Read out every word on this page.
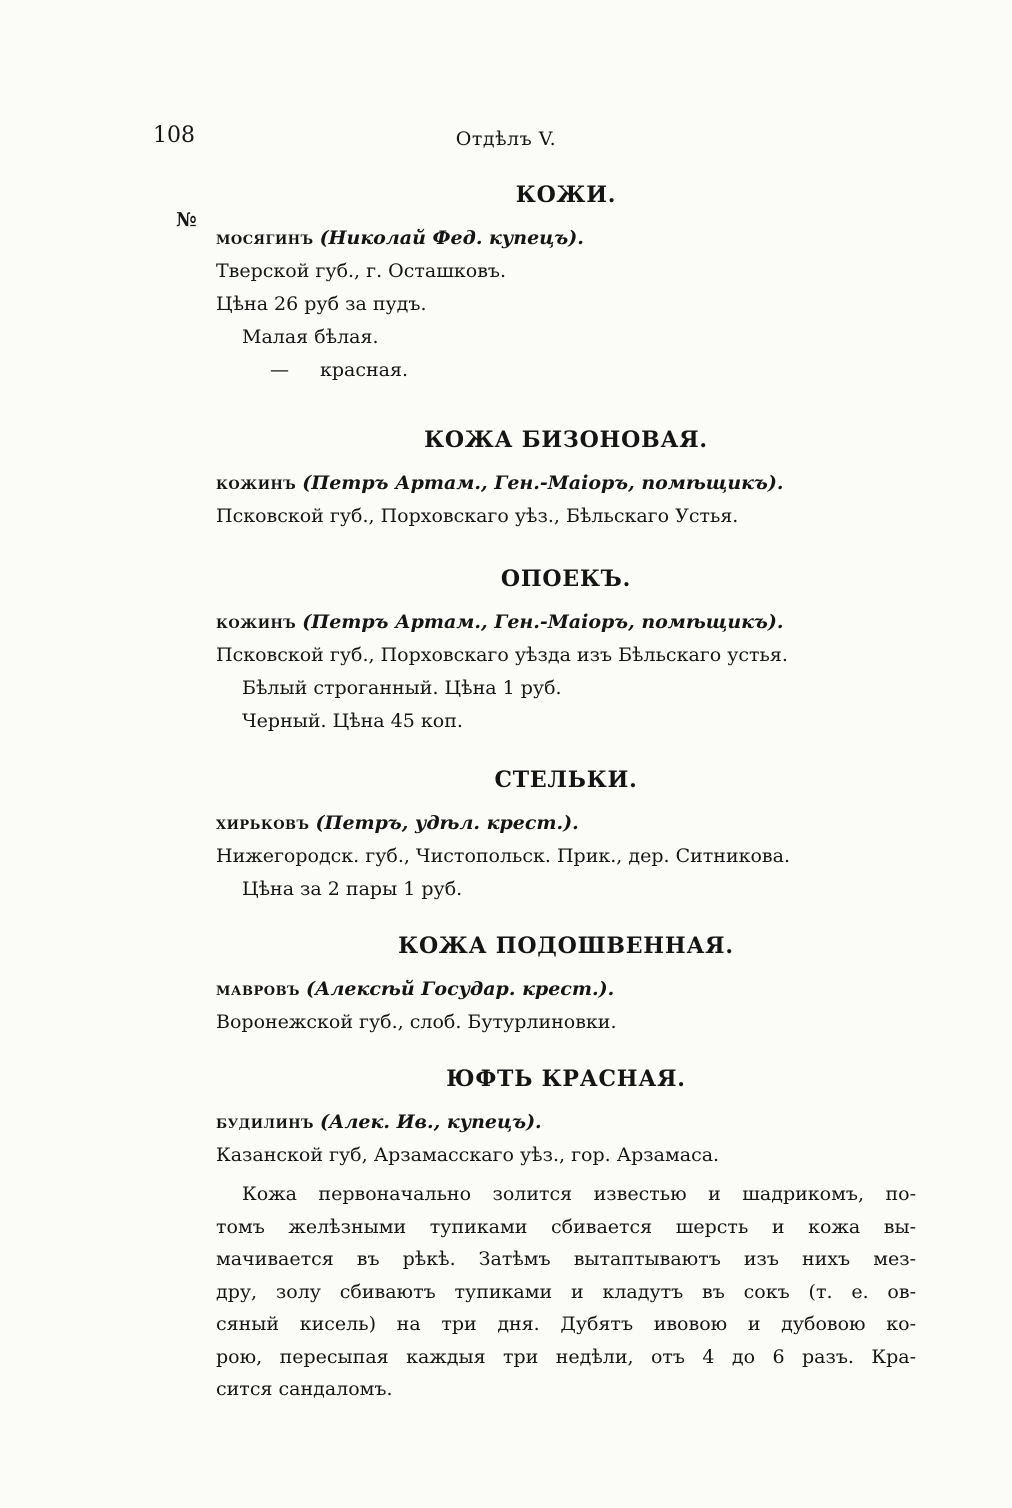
108	Отдѣлъ V.
№
КОЖИ.
мосягинъ (Николай Фед. купецъ).
Тверской губ., г. Осташковъ.
Цѣна 26 руб за пудъ.
Малая бѣлая.
— красная.
КОЖА БИЗОНОВАЯ.
кожинъ (Петръ Артам., Ген.-Маiоръ, помѣщикъ).
Псковской губ., Порховскаго уѣз., Бѣльскаго Устья.
ОПОЕКЪ.
кожинъ (Петръ Артам., Ген.-Маiоръ, помѣщикъ).
Псковской губ., Порховскаго уѣзда изъ Бѣльскаго устья.
Бѣлый строганный. Цѣна 1 руб.
Черный. Цѣна 45 коп.
СТЕЛЬКИ.
хирьковъ (Петръ, удѣл. крест.).
Нижегородск. губ., Чистопольск. Прик., дер. Ситникова.
Цѣна за 2 пары 1 руб.
КОЖА ПОДОШВЕННАЯ.
мавровъ (Алексѣй Государ. крест.).
Воронежской губ., слоб. Бутурлиновки.
ЮФТЬ КРАСНАЯ.
будилинъ (Алек. Ив., купецъ).
Казанской губ, Арзамасскаго уѣз., гор. Арзамаса.
Кожа первоначально золится известью и шадрикомъ, по-
томъ желѣзными тупиками сбивается шерсть и кожа вы-
мачивается въ рѣкѣ. Затѣмъ вытаптываютъ изъ нихъ мез-
дру, золу сбиваютъ тупиками и кладутъ въ сокъ (т. е. ов-
сяный кисель) на три дня. Дубятъ ивовою и дубовою ко-
рою, пересыпая каждыя три недѣли, отъ 4 до 6 разъ. Кра-
сится сандаломъ.
